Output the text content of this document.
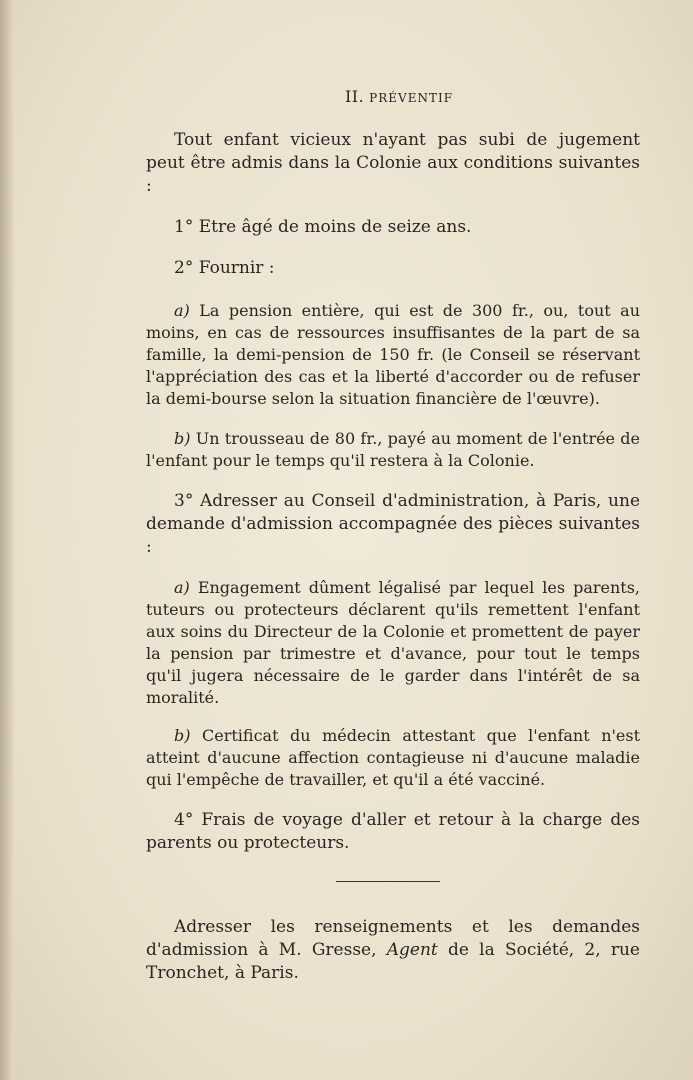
II. PRÉVENTIF

Tout enfant vicieux n'ayant pas subi de jugement peut être admis dans la Colonie aux conditions suivantes :

1° Etre âgé de moins de seize ans.

2° Fournir :

a) La pension entière, qui est de 300 fr., ou, tout au moins, en cas de ressources insuffisantes de la part de sa famille, la demi-pension de 150 fr. (le Conseil se réservant l'appréciation des cas et la liberté d'accorder ou de refuser la demi-bourse selon la situation financière de l'œuvre).

b) Un trousseau de 80 fr., payé au moment de l'entrée de l'enfant pour le temps qu'il restera à la Colonie.

3° Adresser au Conseil d'administration, à Paris, une demande d'admission accompagnée des pièces suivantes :

a) Engagement dûment légalisé par lequel les parents, tuteurs ou protecteurs déclarent qu'ils remettent l'enfant aux soins du Directeur de la Colonie et promettent de payer la pension par trimestre et d'avance, pour tout le temps qu'il jugera nécessaire de le garder dans l'intérêt de sa moralité.

b) Certificat du médecin attestant que l'enfant n'est atteint d'aucune affection contagieuse ni d'aucune maladie qui l'empêche de travailler, et qu'il a été vacciné.

4° Frais de voyage d'aller et retour à la charge des parents ou protecteurs.

Adresser les renseignements et les demandes d'admission à M. Gresse, Agent de la Société, 2, rue Tronchet, à Paris.
